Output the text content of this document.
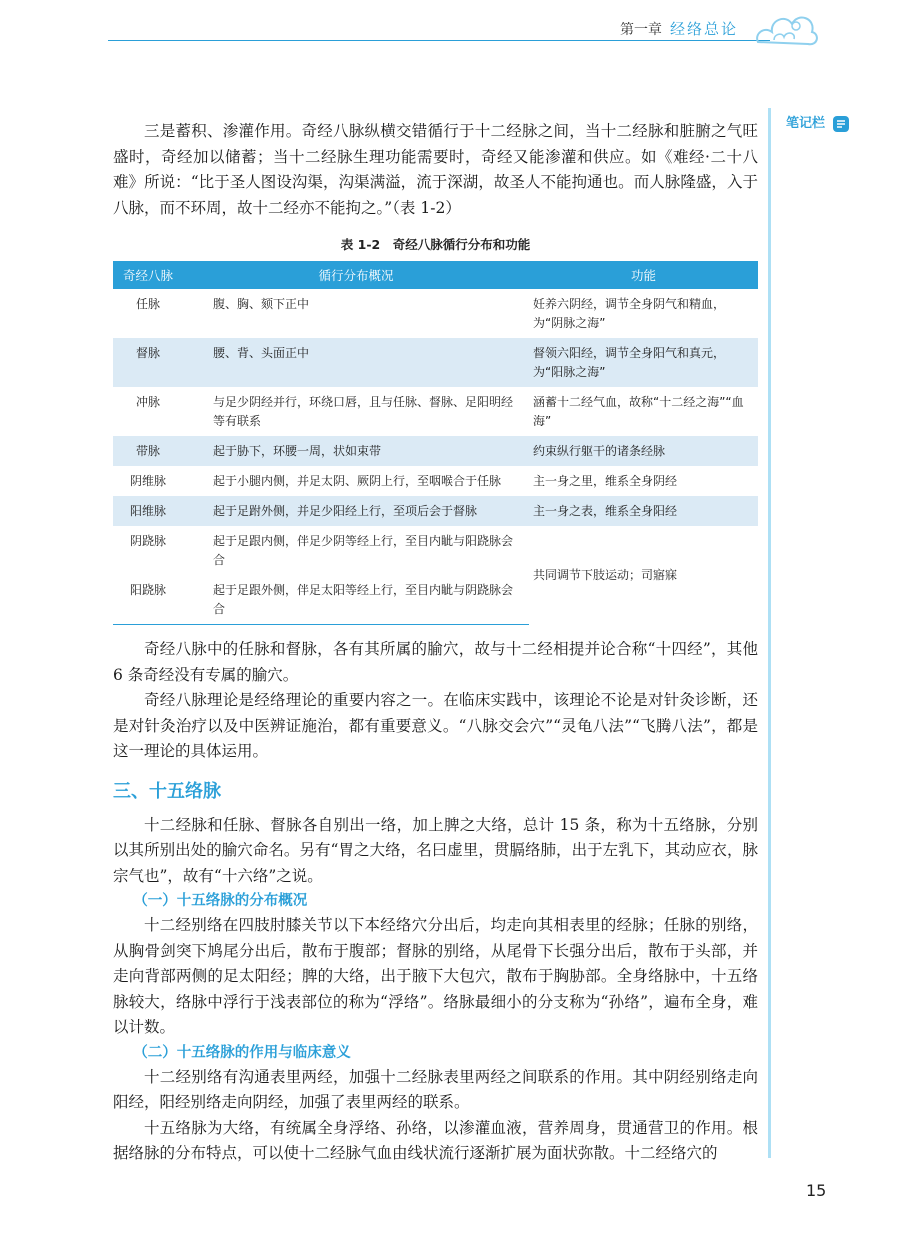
第一章 经络总论
笔记栏

三是蓄积、渗灌作用。奇经八脉纵横交错循行于十二经脉之间，当十二经脉和脏腑之气旺盛时，奇经加以储蓄；当十二经脉生理功能需要时，奇经又能渗灌和供应。如《难经·二十八难》所说：“比于圣人图设沟渠，沟渠满溢，流于深湖，故圣人不能拘通也。而人脉隆盛，入于八脉，而不环周，故十二经亦不能拘之。”（表 1-2）

表 1-2　奇经八脉循行分布和功能
奇经八脉	循行分布概况	功能
任脉	腹、胸、颏下正中	妊养六阴经，调节全身阴气和精血，为“阴脉之海”
督脉	腰、背、头面正中	督领六阳经，调节全身阳气和真元，为“阳脉之海”
冲脉	与足少阴经并行，环绕口唇，且与任脉、督脉、足阳明经等有联系	涵蓄十二经气血，故称“十二经之海”“血海”
带脉	起于胁下，环腰一周，状如束带	约束纵行躯干的诸条经脉
阴维脉	起于小腿内侧，并足太阴、厥阴上行，至咽喉合于任脉	主一身之里，维系全身阴经
阳维脉	起于足跗外侧，并足少阳经上行，至项后会于督脉	主一身之表，维系全身阳经
阴跷脉	起于足跟内侧，伴足少阴等经上行，至目内眦与阳跷脉会合	共同调节下肢运动；司寤寐
阳跷脉	起于足跟外侧，伴足太阳等经上行，至目内眦与阴跷脉会合	

奇经八脉中的任脉和督脉，各有其所属的腧穴，故与十二经相提并论合称“十四经”，其他 6 条奇经没有专属的腧穴。

奇经八脉理论是经络理论的重要内容之一。在临床实践中，该理论不论是对针灸诊断，还是对针灸治疗以及中医辨证施治，都有重要意义。“八脉交会穴”“灵龟八法”“飞腾八法”，都是这一理论的具体运用。

三、十五络脉

十二经脉和任脉、督脉各自别出一络，加上脾之大络，总计 15 条，称为十五络脉，分别以其所别出处的腧穴命名。另有“胃之大络，名曰虚里，贯膈络肺，出于左乳下，其动应衣，脉宗气也”，故有“十六络”之说。

（一）十五络脉的分布概况

十二经别络在四肢肘膝关节以下本经络穴分出后，均走向其相表里的经脉；任脉的别络，从胸骨剑突下鸠尾分出后，散布于腹部；督脉的别络，从尾骨下长强分出后，散布于头部，并走向背部两侧的足太阳经；脾的大络，出于腋下大包穴，散布于胸胁部。全身络脉中，十五络脉较大，络脉中浮行于浅表部位的称为“浮络”。络脉最细小的分支称为“孙络”，遍布全身，难以计数。

（二）十五络脉的作用与临床意义

十二经别络有沟通表里两经，加强十二经脉表里两经之间联系的作用。其中阴经别络走向阳经，阳经别络走向阴经，加强了表里两经的联系。

十五络脉为大络，有统属全身浮络、孙络，以渗灌血液，营养周身，贯通营卫的作用。根据络脉的分布特点，可以使十二经脉气血由线状流行逐渐扩展为面状弥散。十二经络穴的

15
